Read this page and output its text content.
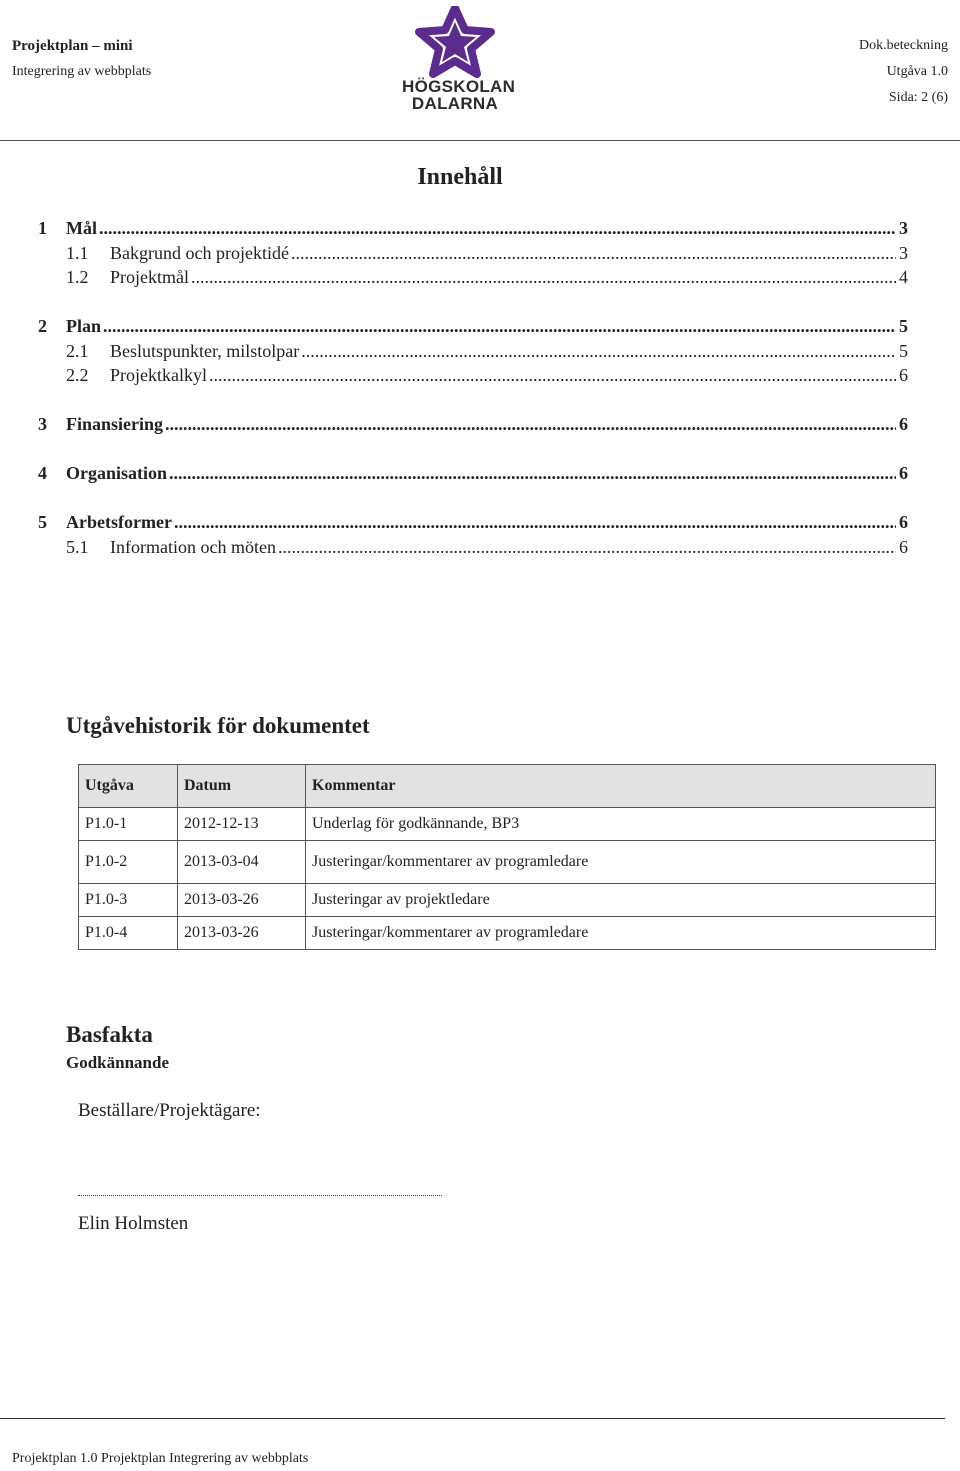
Projektplan – mini
Integrering av webbplats
Dok.beteckning
Utgåva 1.0
Sida: 2 (6)
HÖGSKOLAN
DALARNA
Innehåll
1	Mål .....	3
1.1	Bakgrund och projektidé .....	3
1.2	Projektmål .....	4
2	Plan .....	5
2.1	Beslutspunkter, milstolpar .....	5
2.2	Projektkalkyl .....	6
3	Finansiering .....	6
4	Organisation .....	6
5	Arbetsformer .....	6
5.1	Information och möten .....	6
Utgåvehistorik för dokumentet
Utgåva	Datum	Kommentar
P1.0-1	2012-12-13	Underlag för godkännande, BP3
P1.0-2	2013-03-04	Justeringar/kommentarer av programledare
P1.0-3	2013-03-26	Justeringar av projektledare
P1.0-4	2013-03-26	Justeringar/kommentarer av programledare
Basfakta
Godkännande
Beställare/Projektägare:
Elin Holmsten
Projektplan 1.0 Projektplan Integrering av webbplats
